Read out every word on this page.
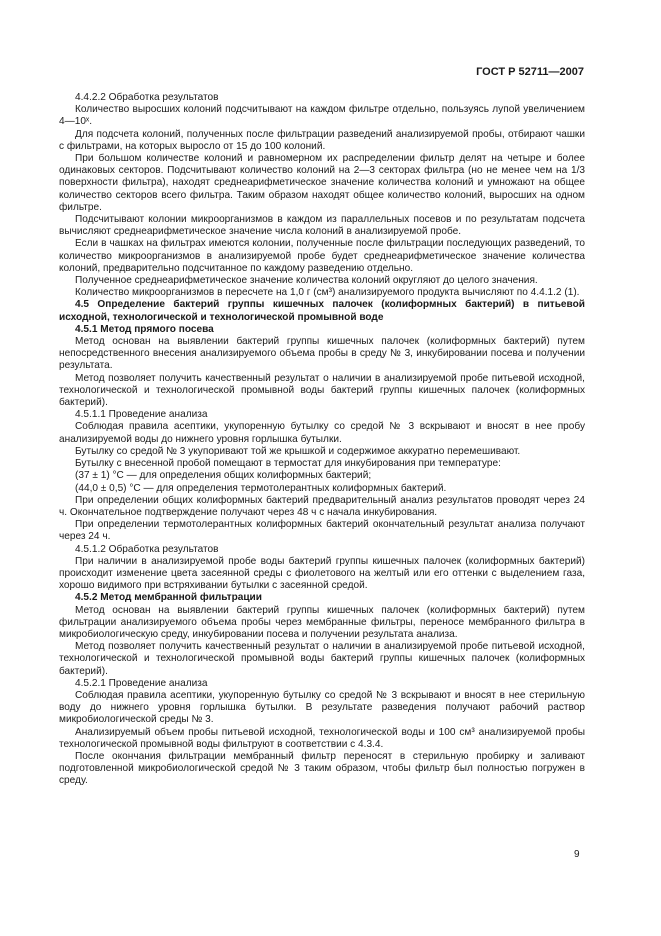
ГОСТ Р 52711—2007

4.4.2.2 Обработка результатов

Количество выросших колоний подсчитывают на каждом фильтре отдельно, пользуясь лупой увеличением 4—10ˣ.

Для подсчета колоний, полученных после фильтрации разведений анализируемой пробы, отбирают чашки с фильтрами, на которых выросло от 15 до 100 колоний.

При большом количестве колоний и равномерном их распределении фильтр делят на четыре и более одинаковых секторов. Подсчитывают количество колоний на 2—3 секторах фильтра (но не менее чем на 1/3 поверхности фильтра), находят среднеарифметическое значение количества колоний и умножают на общее количество секторов всего фильтра. Таким образом находят общее количество колоний, выросших на одном фильтре.

Подсчитывают колонии микроорганизмов в каждом из параллельных посевов и по результатам подсчета вычисляют среднеарифметическое значение числа колоний в анализируемой пробе.

Если в чашках на фильтрах имеются колонии, полученные после фильтрации последующих разведений, то количество микроорганизмов в анализируемой пробе будет среднеарифметическое значение количества колоний, предварительно подсчитанное по каждому разведению отдельно.

Полученное среднеарифметическое значение количества колоний округляют до целого значения.

Количество микроорганизмов в пересчете на 1,0 г (см³) анализируемого продукта вычисляют по 4.4.1.2 (1).

4.5 Определение бактерий группы кишечных палочек (колиформных бактерий) в питьевой исходной, технологической и технологической промывной воде

4.5.1 Метод прямого посева

Метод основан на выявлении бактерий группы кишечных палочек (колиформных бактерий) путем непосредственного внесения анализируемого объема пробы в среду № 3, инкубировании посева и получении результата.

Метод позволяет получить качественный результат о наличии в анализируемой пробе питьевой исходной, технологической и технологической промывной воды бактерий группы кишечных палочек (колиформных бактерий).

4.5.1.1 Проведение анализа

Соблюдая правила асептики, укупоренную бутылку со средой № 3 вскрывают и вносят в нее пробу анализируемой воды до нижнего уровня горлышка бутылки.

Бутылку со средой № 3 укупоривают той же крышкой и содержимое аккуратно перемешивают.

Бутылку с внесенной пробой помещают в термостат для инкубирования при температуре:

(37 ± 1) °С — для определения общих колиформных бактерий;

(44,0 ± 0,5) °С — для определения термотолерантных колиформных бактерий.

При определении общих колиформных бактерий предварительный анализ результатов проводят через 24 ч. Окончательное подтверждение получают через 48 ч с начала инкубирования.

При определении термотолерантных колиформных бактерий окончательный результат анализа получают через 24 ч.

4.5.1.2 Обработка результатов

При наличии в анализируемой пробе воды бактерий группы кишечных палочек (колиформных бактерий) происходит изменение цвета засеянной среды с фиолетового на желтый или его оттенки с выделением газа, хорошо видимого при встряхивании бутылки с засеянной средой.

4.5.2 Метод мембранной фильтрации

Метод основан на выявлении бактерий группы кишечных палочек (колиформных бактерий) путем фильтрации анализируемого объема пробы через мембранные фильтры, переносе мембранного фильтра в микробиологическую среду, инкубировании посева и получении результата анализа.

Метод позволяет получить качественный результат о наличии в анализируемой пробе питьевой исходной, технологической и технологической промывной воды бактерий группы кишечных палочек (колиформных бактерий).

4.5.2.1 Проведение анализа

Соблюдая правила асептики, укупоренную бутылку со средой № 3 вскрывают и вносят в нее стерильную воду до нижнего уровня горлышка бутылки. В результате разведения получают рабочий раствор микробиологической среды № 3.

Анализируемый объем пробы питьевой исходной, технологической воды и 100 см³ анализируемой пробы технологической промывной воды фильтруют в соответствии с 4.3.4.

После окончания фильтрации мембранный фильтр переносят в стерильную пробирку и заливают подготовленной микробиологической средой № 3 таким образом, чтобы фильтр был полностью погружен в среду.

9
